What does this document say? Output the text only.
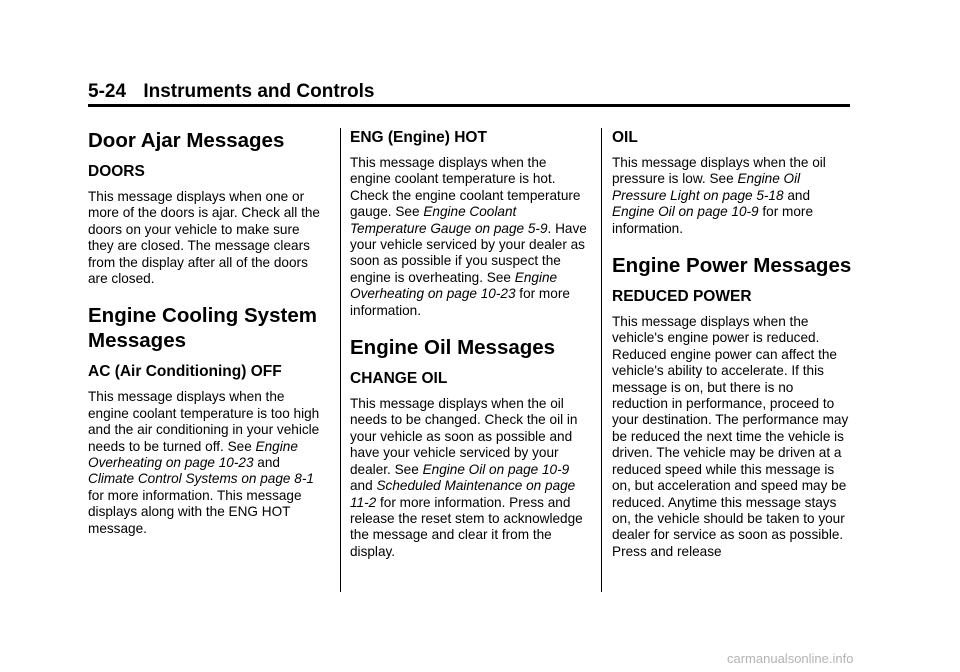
5-24 Instruments and Controls
Door Ajar Messages
DOORS

This message displays when one or more of the doors is ajar. Check all the doors on your vehicle to make sure they are closed. The message clears from the display after all of the doors are closed.

Engine Cooling System Messages
AC (Air Conditioning) OFF

This message displays when the engine coolant temperature is too high and the air conditioning in your vehicle needs to be turned off. See Engine Overheating on page 10-23 and Climate Control Systems on page 8-1 for more information. This message displays along with the ENG HOT message.

ENG (Engine) HOT

This message displays when the engine coolant temperature is hot. Check the engine coolant temperature gauge. See Engine Coolant Temperature Gauge on page 5-9. Have your vehicle serviced by your dealer as soon as possible if you suspect the engine is overheating. See Engine Overheating on page 10-23 for more information.

Engine Oil Messages
CHANGE OIL

This message displays when the oil needs to be changed. Check the oil in your vehicle as soon as possible and have your vehicle serviced by your dealer. See Engine Oil on page 10-9 and Scheduled Maintenance on page 11-2 for more information. Press and release the reset stem to acknowledge the message and clear it from the display.

OIL

This message displays when the oil pressure is low. See Engine Oil Pressure Light on page 5-18 and Engine Oil on page 10-9 for more information.

Engine Power Messages
REDUCED POWER

This message displays when the vehicle's engine power is reduced. Reduced engine power can affect the vehicle's ability to accelerate. If this message is on, but there is no reduction in performance, proceed to your destination. The performance may be reduced the next time the vehicle is driven. The vehicle may be driven at a reduced speed while this message is on, but acceleration and speed may be reduced. Anytime this message stays on, the vehicle should be taken to your dealer for service as soon as possible. Press and release

carmanualsonline.info
